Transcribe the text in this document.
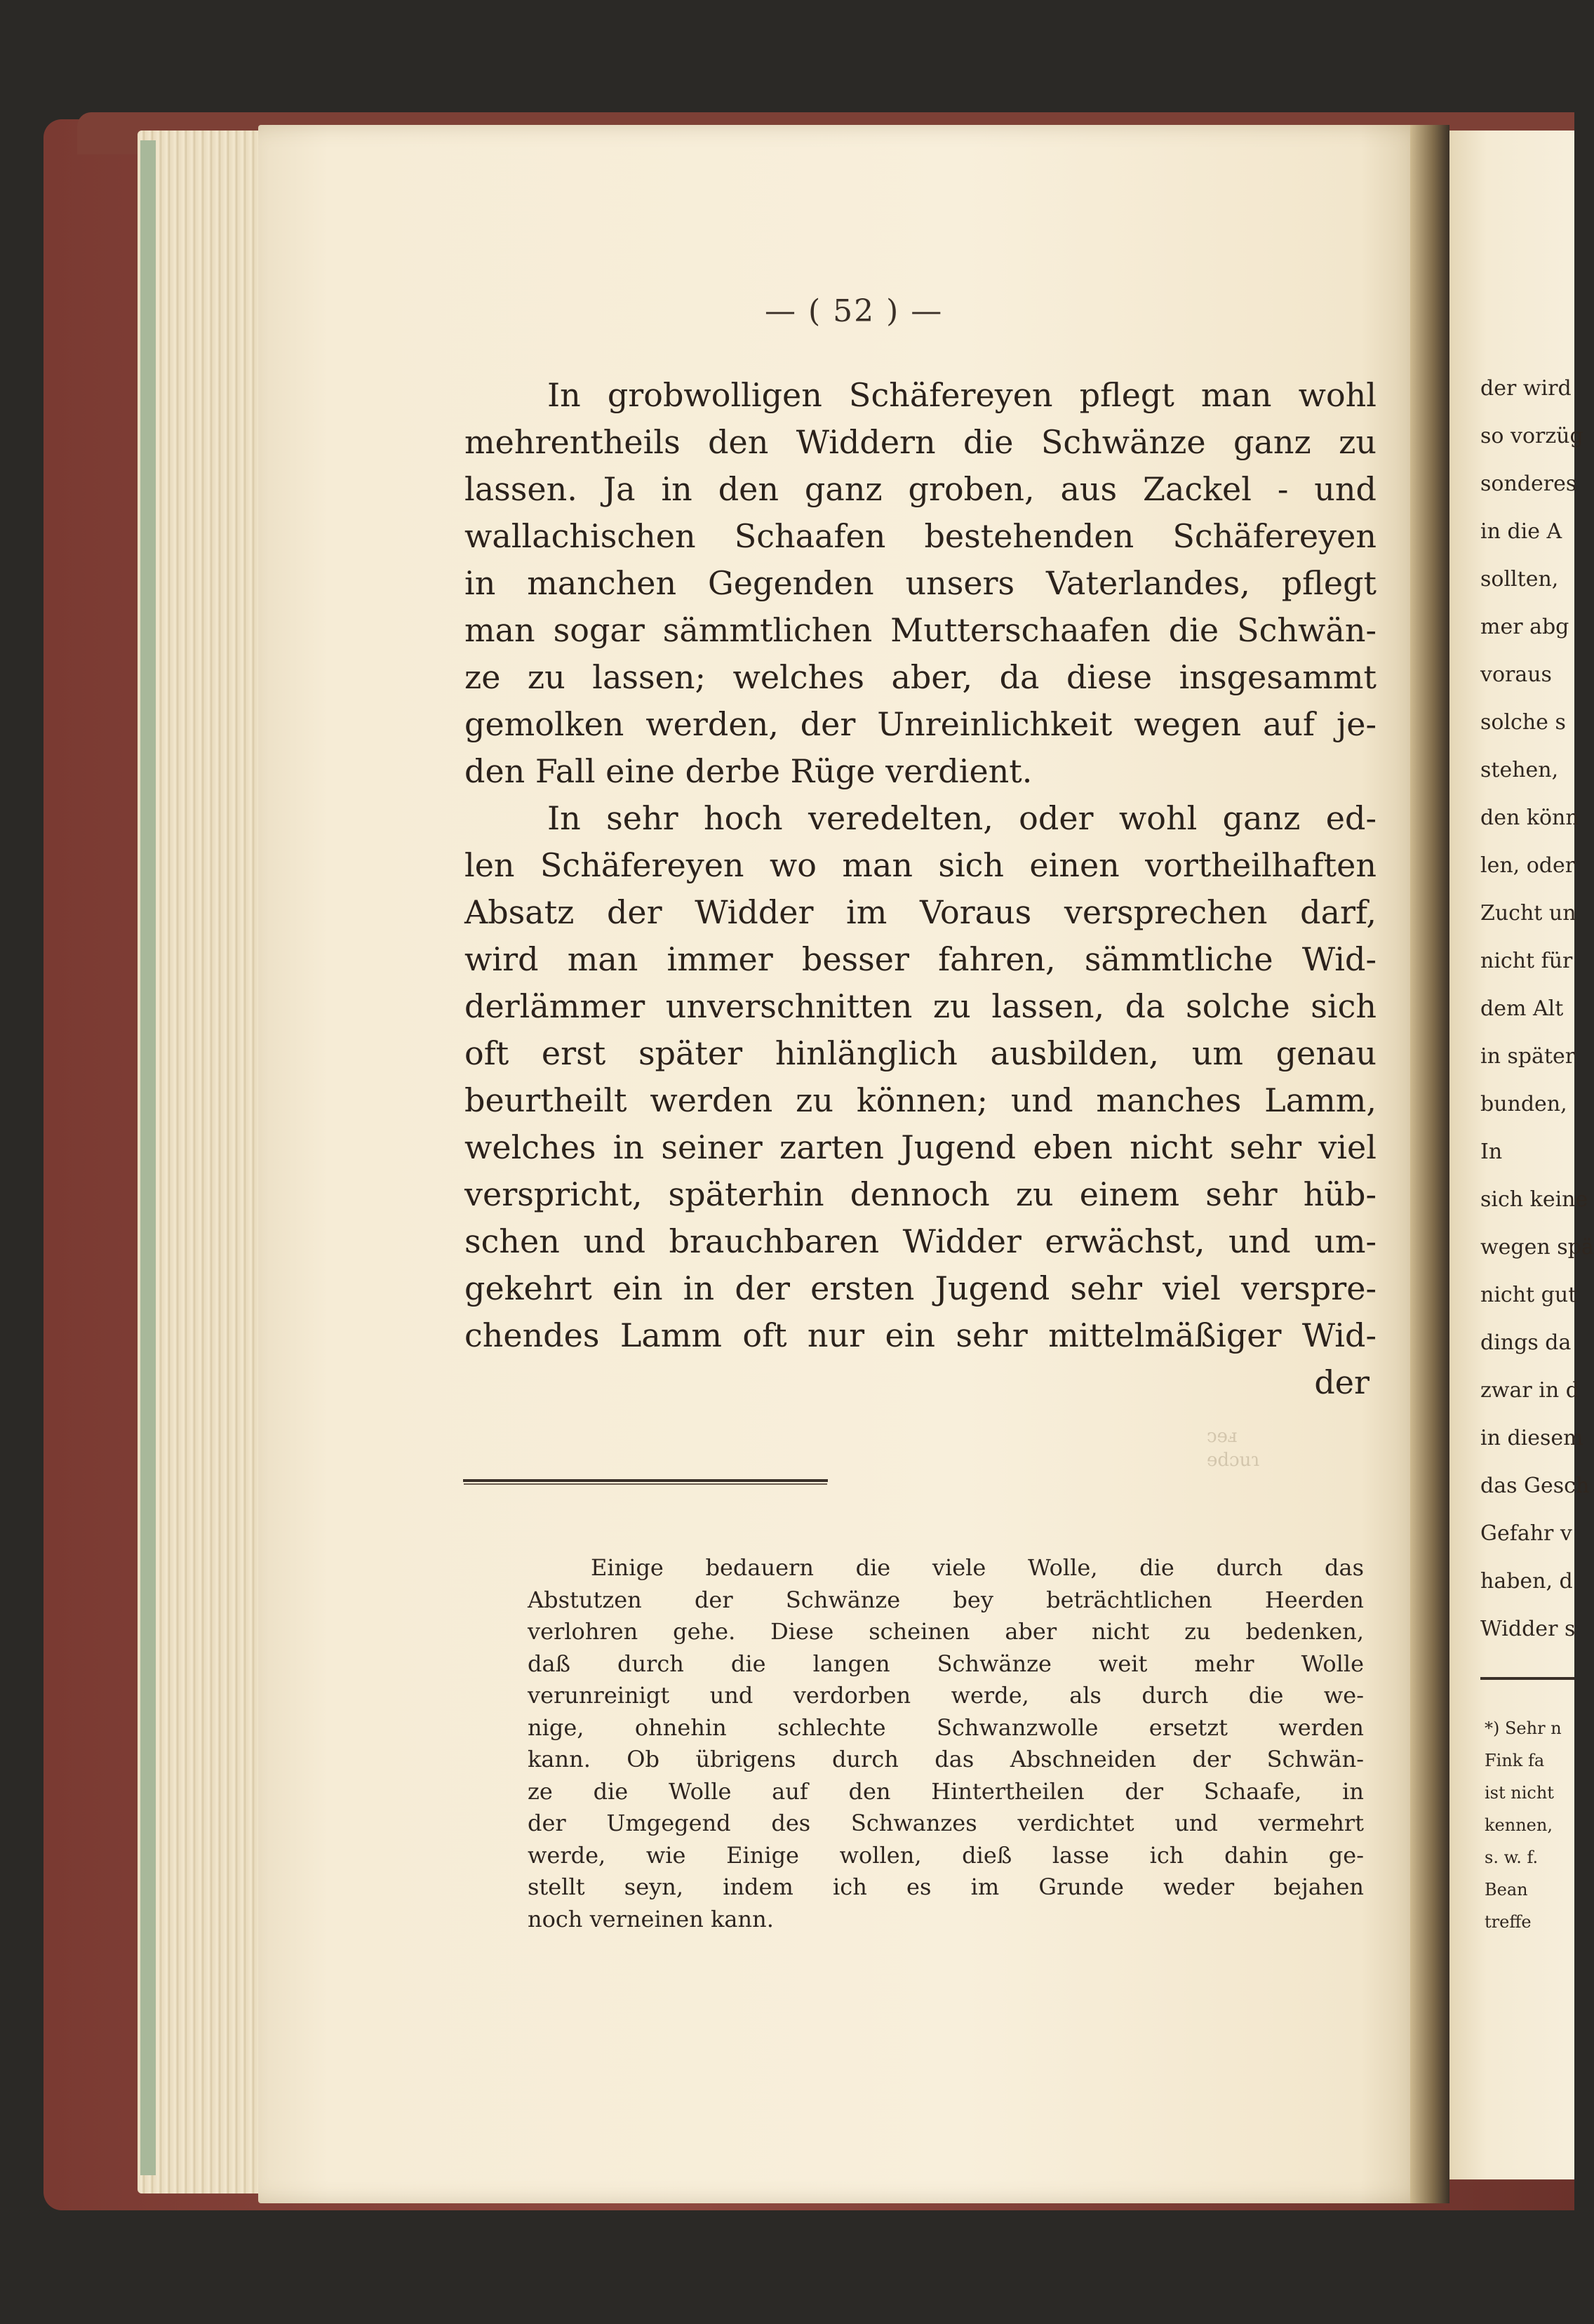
— ( 52 ) —
In grobwolligen Schäfereyen pflegt man wohl
mehrentheils den Widdern die Schwänze ganz zu
lassen. Ja in den ganz groben, aus Zackel - und
wallachischen Schaafen bestehenden Schäfereyen
in manchen Gegenden unsers Vaterlandes, pflegt
man sogar sämmtlichen Mutterschaafen die Schwän-
ze zu lassen; welches aber, da diese insgesammt
gemolken werden, der Unreinlichkeit wegen auf je-
den Fall eine derbe Rüge verdient.
In sehr hoch veredelten, oder wohl ganz ed-
len Schäfereyen wo man sich einen vortheilhaften
Absatz der Widder im Voraus versprechen darf,
wird man immer besser fahren, sämmtliche Wid-
derlämmer unverschnitten zu lassen, da solche sich
oft erst später hinlänglich ausbilden, um genau
beurtheilt werden zu können; und manches Lamm,
welches in seiner zarten Jugend eben nicht sehr viel
verspricht, späterhin dennoch zu einem sehr hüb-
schen und brauchbaren Widder erwächst, und um-
gekehrt ein in der ersten Jugend sehr viel verspre-
chendes Lamm oft nur ein sehr mittelmäßiger Wid-
der
ↄɘⅎ
ɘdɔuɿ
Einige bedauern die viele Wolle, die durch das
Abstutzen der Schwänze bey beträchtlichen Heerden
verlohren gehe. Diese scheinen aber nicht zu bedenken,
daß durch die langen Schwänze weit mehr Wolle
verunreinigt und verdorben werde, als durch die we-
nige, ohnehin schlechte Schwanzwolle ersetzt werden
kann. Ob übrigens durch das Abschneiden der Schwän-
ze die Wolle auf den Hintertheilen der Schaafe, in
der Umgegend des Schwanzes verdichtet und vermehrt
werde, wie Einige wollen, dieß lasse ich dahin ge-
stellt seyn, indem ich es im Grunde weder bejahen
noch verneinen kann.
der wird
so vorzüg
sonderes
in die A
sollten,
mer abg
voraus
solche s
stehen,
den könn
len, oder
Zucht un
nicht für
dem Alt
in später
bunden,
In
sich keine
wegen spä
nicht gut
dings da
zwar in d
in diesem
das Gesch
Gefahr v
haben, d
Widder s
*) Sehr n
Fink fa
ist nicht
kennen,
s. w. f.
Bean
treffe
